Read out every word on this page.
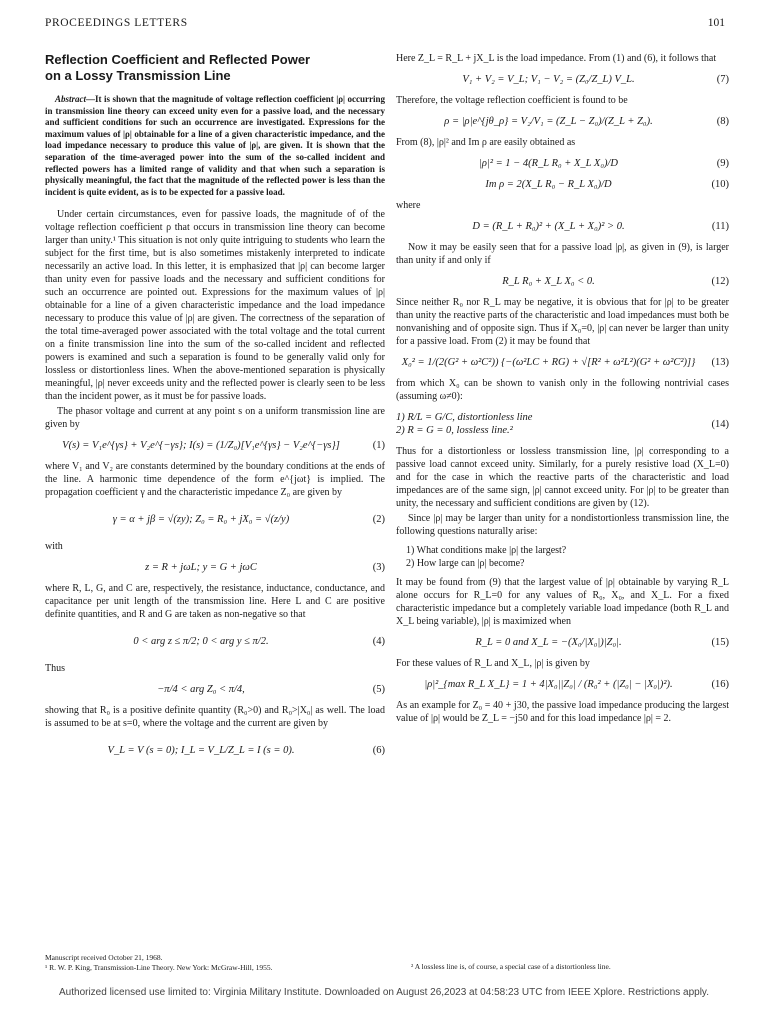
PROCEEDINGS LETTERS	101
Reflection Coefficient and Reflected Power
on a Lossy Transmission Line
Abstract—It is shown that the magnitude of voltage reflection coefficient |ρ| occurring in transmission line theory can exceed unity even for a passive load, and the necessary and sufficient conditions for such an occurrence are investigated. Expressions for the maximum values of |ρ| obtainable for a line of a given characteristic impedance, and the load impedance necessary to produce this value of |ρ|, are given. It is shown that the separation of the time-averaged power into the sum of the so-called incident and reflected powers has a limited range of validity and that when such a separation is physically meaningful, the fact that the magnitude of the reflected power is less than the incident is quite evident, as is to be expected for a passive load.

Under certain circumstances, even for passive loads, the magnitude of of the voltage reflection coefficient ρ that occurs in transmission line theory can become larger than unity.¹ This situation is not only quite intriguing to students who learn the subject for the first time, but is also sometimes mistakenly interpreted to indicate necessarily an active load. In this letter, it is emphasized that |ρ| can become larger than unity even for passive loads and the necessary and sufficient conditions for such an occurrence are pointed out. Expressions for the maximum values of |ρ| obtainable for a line of a given characteristic impedance and the load impedance necessary to produce this value of |ρ| are given. The correctness of the separation of the total time-averaged power associated with the total voltage and the total current on a finite transmission line into the sum of the so-called incident and reflected powers is examined and such a separation is found to be generally valid only for lossless or distortionless lines. When the above-mentioned separation is physically meaningful, |ρ| never exceeds unity and the reflected power is clearly seen to be less than the incident power, as it must be for passive loads.

The phasor voltage and current at any point s on a uniform transmission line are given by

V(s) = V₁e^{γs} + V₂e^{−γs}; I(s) = (1/Z₀)[V₁e^{γs} − V₂e^{−γs}]	(1)

where V₁ and V₂ are constants determined by the boundary conditions at the ends of the line. A harmonic time dependence of the form e^{jωt} is implied. The propagation coefficient γ and the characteristic impedance Z₀ are given by

γ = α + jβ = √(zy); Z₀ = R₀ + jX₀ = √(z/y)	(2)

with

z = R + jωL; y = G + jωC	(3)

where R, L, G, and C are, respectively, the resistance, inductance, conductance, and capacitance per unit length of the transmission line. Here L and C are positive definite quantities, and R and G are taken as non-negative so that

0 < arg z ≤ π/2; 0 < arg y ≤ π/2.	(4)

Thus

−π/4 < arg Z₀ < π/4,	(5)

showing that R₀ is a positive definite quantity (R₀>0) and R₀>|X₀| as well. The load is assumed to be at s=0, where the voltage and the current are given by

V_L = V (s = 0); I_L = V_L/Z_L = I (s = 0).	(6)

Here Z_L = R_L + jX_L is the load impedance. From (1) and (6), it follows that

V₁ + V₂ = V_L; V₁ − V₂ = (Z₀/Z_L) V_L.	(7)

Therefore, the voltage reflection coefficient is found to be

ρ = |ρ|e^{jθ_ρ} = V₂/V₁ = (Z_L − Z₀)/(Z_L + Z₀).	(8)

From (8), |ρ|² and Im ρ are easily obtained as

|ρ|² = 1 − 4(R_L R₀ + X_L X₀)/D	(9)
Im ρ = 2(X_L R₀ − R_L X₀)/D	(10)

where

D = (R_L + R₀)² + (X_L + X₀)² > 0.	(11)

Now it may be easily seen that for a passive load |ρ|, as given in (9), is larger than unity if and only if

R_L R₀ + X_L X₀ < 0.	(12)

Since neither R₀ nor R_L may be negative, it is obvious that for |ρ| to be greater than unity the reactive parts of the characteristic and load impedances must both be nonvanishing and of opposite sign. Thus if X₀=0, |ρ| can never be larger than unity for a passive load. From (2) it may be found that

X₀² = 1/(2(G² + ω²C²)) {−(ω²LC + RG) + √[R² + ω²L²)(G² + ω²C²)]}	(13)

from which X₀ can be shown to vanish only in the following nontrivial cases (assuming ω≠0):

1) R/L = G/C, distortionless line
2) R = G = 0, lossless line.²
(14)

Thus for a distortionless or lossless transmission line, |ρ| corresponding to a passive load cannot exceed unity. Similarly, for a purely resistive load (X_L=0) and for the case in which the reactive parts of the characteristic and load impedances are of the same sign, |ρ| cannot exceed unity. For |ρ| to be greater than unity, the necessary and sufficient conditions are given by (12).

Since |ρ| may be larger than unity for a nondistortionless transmission line, the following questions naturally arise:

1) What conditions make |ρ| the largest?
2) How large can |ρ| become?

It may be found from (9) that the largest value of |ρ| obtainable by varying R_L alone occurs for R_L=0 for any values of R₀, X₀, and X_L. For a fixed characteristic impedance but a completely variable load impedance (both R_L and X_L being variable), |ρ| is maximized when

R_L = 0 and X_L = −(X₀/|X₀|)|Z₀|.	(15)

For these values of R_L and X_L, |ρ| is given by

|ρ|²_{max R_L X_L} = 1 + 4|X₀||Z₀| / (R₀² + (|Z₀| − |X₀|)²).	(16)

As an example for Z₀ = 40 + j30, the passive load impedance producing the largest value of |ρ| would be Z_L = −j50 and for this load impedance |ρ| = 2.

Manuscript received October 21, 1968.
¹ R. W. P. King, Transmission-Line Theory. New York: McGraw-Hill, 1955.	² A lossless line is, of course, a special case of a distortionless line.
Authorized licensed use limited to: Virginia Military Institute. Downloaded on August 26,2023 at 04:58:23 UTC from IEEE Xplore. Restrictions apply.
